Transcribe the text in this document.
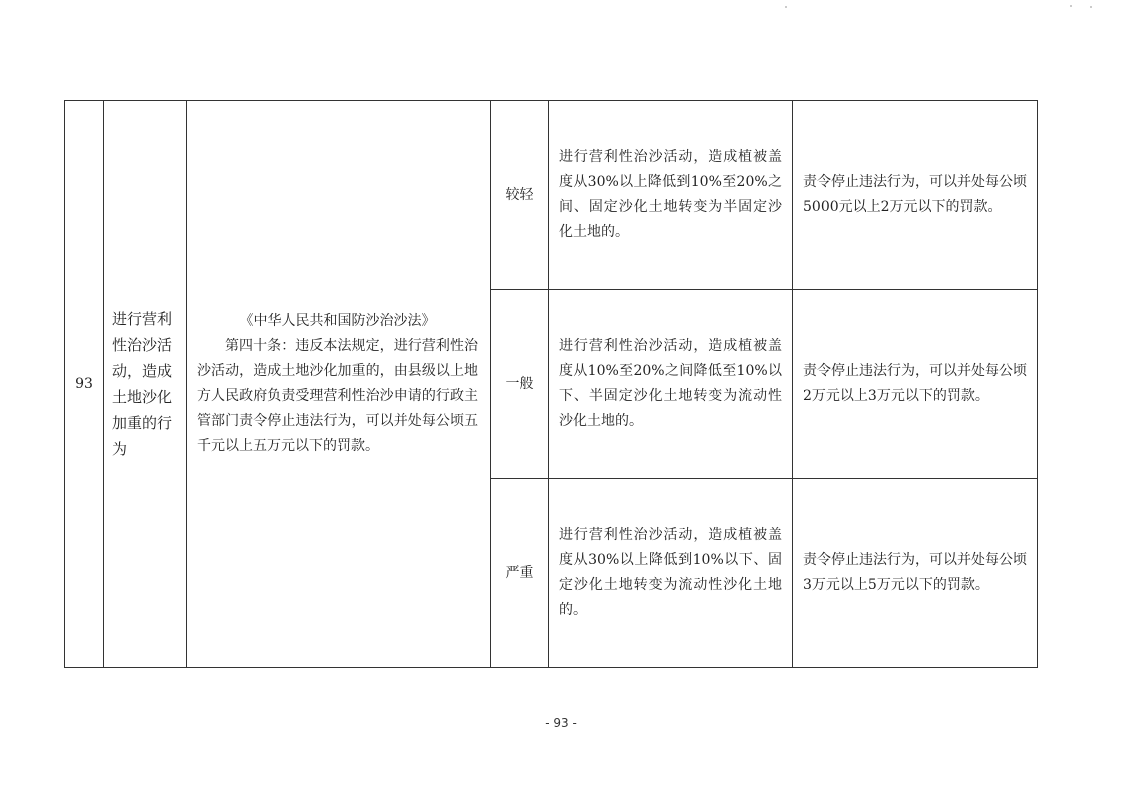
93	进行营利性治沙活动，造成土地沙化加重的行为	《中华人民共和国防沙治沙法》
第四十条：违反本法规定，进行营利性治沙活动，造成土地沙化加重的，由县级以上地方人民政府负责受理营利性治沙申请的行政主管部门责令停止违法行为，可以并处每公顷五千元以上五万元以下的罚款。	较轻	进行营利性治沙活动，造成植被盖度从30%以上降低到10%至20%之间、固定沙化土地转变为半固定沙化土地的。	责令停止违法行为，可以并处每公顷5000元以上2万元以下的罚款。
			一般	进行营利性治沙活动，造成植被盖度从10%至20%之间降低至10%以下、半固定沙化土地转变为流动性沙化土地的。	责令停止违法行为，可以并处每公顷2万元以上3万元以下的罚款。
			严重	进行营利性治沙活动，造成植被盖度从30%以上降低到10%以下、固定沙化土地转变为流动性沙化土地的。	责令停止违法行为，可以并处每公顷3万元以上5万元以下的罚款。
- 93 -
